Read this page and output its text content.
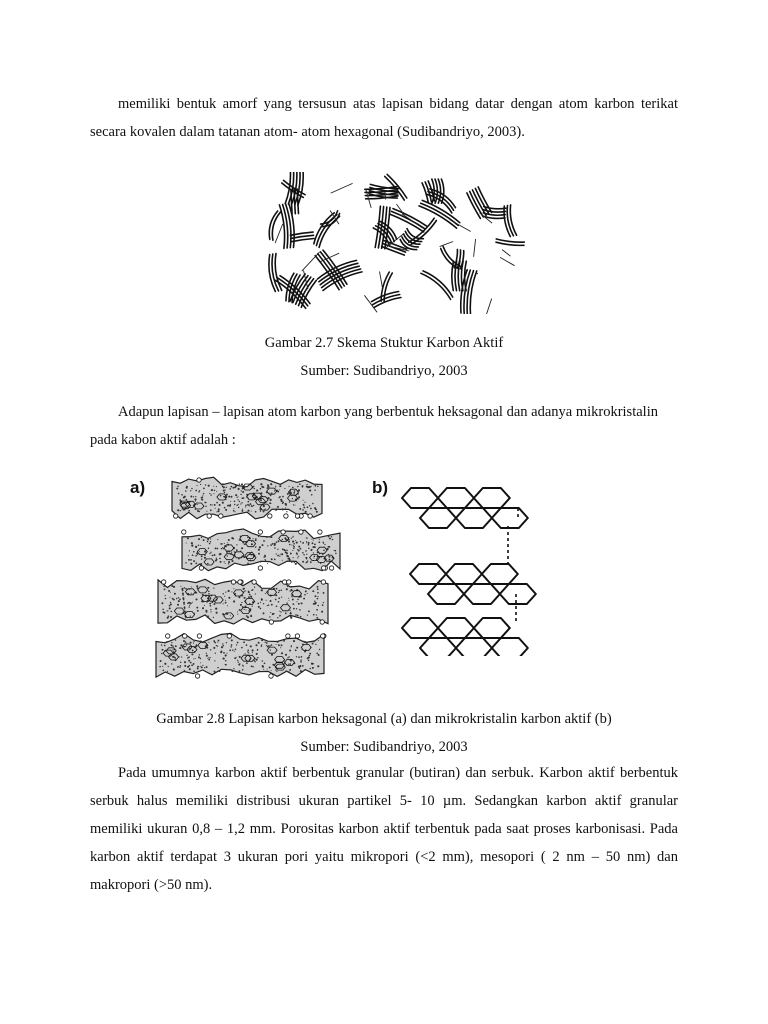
memiliki bentuk amorf yang tersusun atas lapisan bidang datar dengan atom karbon terikat secara kovalen dalam tatanan atom- atom hexagonal (Sudibandriyo, 2003).

Gambar 2.7 Skema Stuktur Karbon Aktif

Sumber: Sudibandriyo, 2003

Adapun lapisan – lapisan atom karbon yang berbentuk heksagonal dan adanya mikrokristalin pada kabon aktif adalah :

a)	b)

Gambar 2.8 Lapisan karbon heksagonal (a) dan mikrokristalin karbon aktif (b)

Sumber: Sudibandriyo, 2003

Pada umumnya karbon aktif berbentuk granular (butiran) dan serbuk. Karbon aktif berbentuk serbuk halus memiliki distribusi ukuran partikel 5- 10 µm. Sedangkan karbon aktif granular memiliki ukuran 0,8 – 1,2 mm. Porositas karbon aktif terbentuk pada saat proses karbonisasi. Pada karbon aktif terdapat 3 ukuran pori yaitu mikropori (<2 mm), mesopori ( 2 nm – 50 nm) dan makropori (>50 nm).
